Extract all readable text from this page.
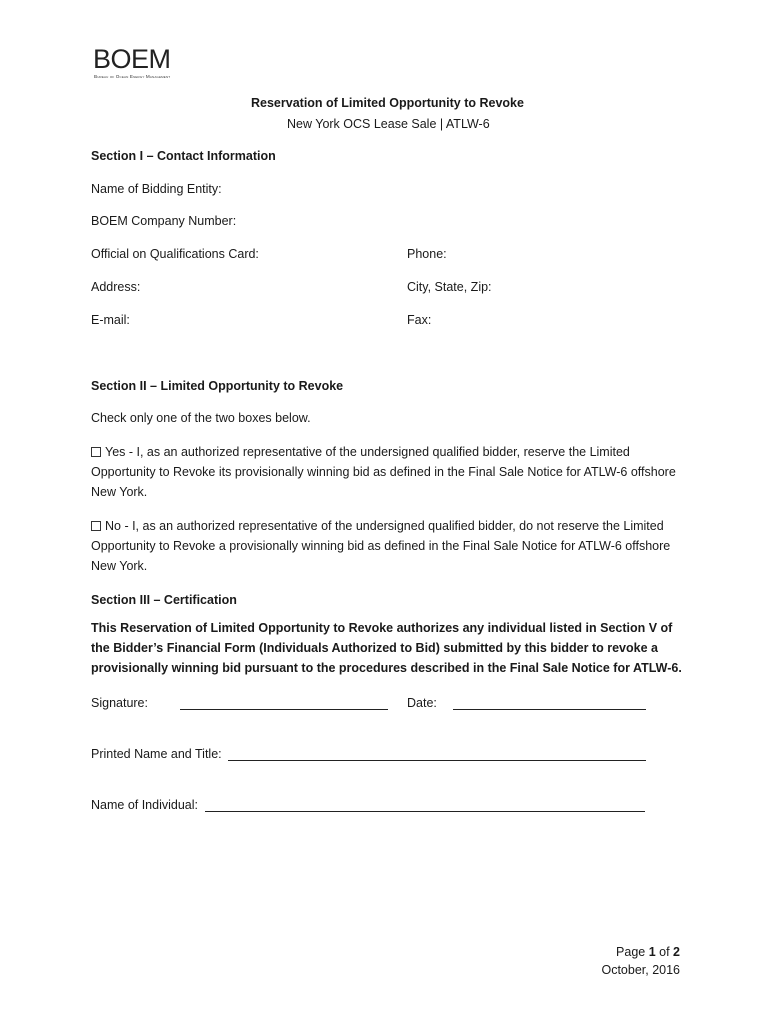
BOEM
Bureau of Ocean Energy Management
Reservation of Limited Opportunity to Revoke
New York OCS Lease Sale | ATLW-6
Section I – Contact Information
Name of Bidding Entity:
BOEM Company Number:
Official on Qualifications Card:	Phone:
Address:	City, State, Zip:
E-mail:	Fax:
Section II – Limited Opportunity to Revoke
Check only one of the two boxes below.
Yes - I, as an authorized representative of the undersigned qualified bidder, reserve the Limited Opportunity to Revoke its provisionally winning bid as defined in the Final Sale Notice for ATLW-6 offshore New York.
No - I, as an authorized representative of the undersigned qualified bidder, do not reserve the Limited Opportunity to Revoke a provisionally winning bid as defined in the Final Sale Notice for ATLW-6 offshore New York.
Section III – Certification
This Reservation of Limited Opportunity to Revoke authorizes any individual listed in Section V of the Bidder’s Financial Form (Individuals Authorized to Bid) submitted by this bidder to revoke a provisionally winning bid pursuant to the procedures described in the Final Sale Notice for ATLW-6.
Signature:	Date:
Printed Name and Title:
Name of Individual:
Page 1 of 2
October, 2016
